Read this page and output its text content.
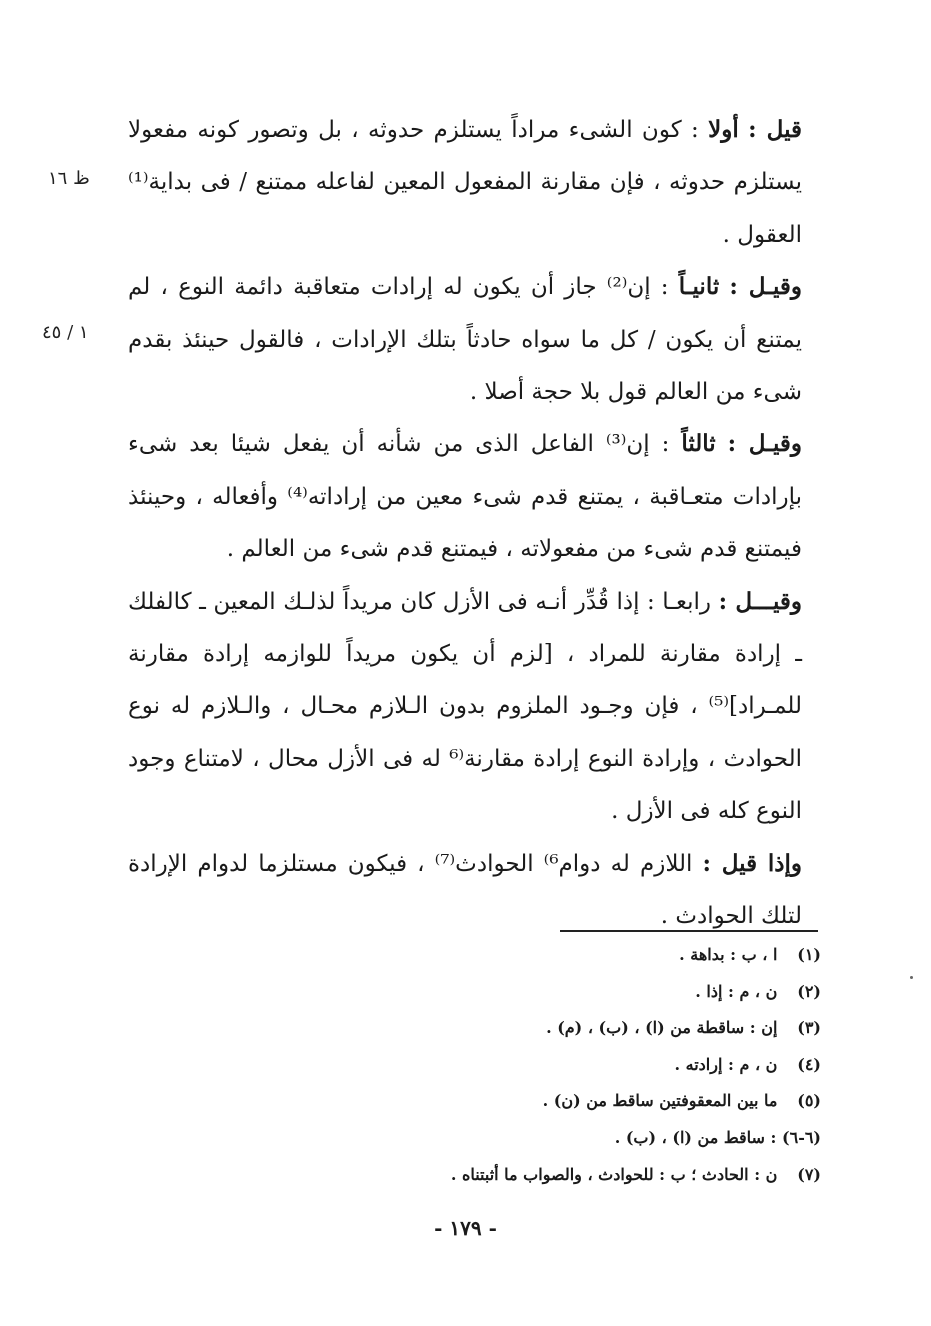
ظ ١٦
١ / ٤٥

قيل : أولا : كون الشىء مراداً يستلزم حدوثه ، بل وتصور كونه مفعولا يستلزم حدوثه ، فإن مقارنة المفعول المعين لفاعله ممتنع / فى بداية⁽¹⁾ العقول .

وقيـل : ثانيـاً : إن⁽²⁾ جاز أن يكون له إرادات متعاقبة دائمة النوع ، لم يمتنع أن يكون / كل ما سواه حادثاً بتلك الإرادات ، فالقول حينئذ بقدم شىء من العالم قول بلا حجة أصلا .

وقيـل : ثالثاً : إن⁽³⁾ الفاعل الذى من شأنه أن يفعل شيئا بعد شىء بإرادات متعـاقبة ، يمتنع قدم شىء معين من إراداته⁽⁴⁾ وأفعاله ، وحينئذ فيمتنع قدم شىء من مفعولاته ، فيمتنع قدم شىء من العالم .

وقيـــل : رابعـا : إذا قُدِّر أنـه فى الأزل كان مريداً لذلـك المعين ـ كالفلك ـ إرادة مقارنة للمراد ، [لزم أن يكون مريداً للوازمه إرادة مقارنة للمـراد]⁽⁵⁾ ، فإن وجـود الملزوم بدون الـلازم محـال ، والـلازم له نوع الحوادث ، وإرادة النوع إرادة مقارنة⁽⁶ له فى الأزل محال ، لامتناع وجود النوع كله فى الأزل .

وإذا قيل : اللازم له دوام⁶⁾ الحوادث⁽⁷⁾ ، فيكون مستلزما لدوام الإرادة لتلك الحوادث .

(١) ا ، ب : بداهة .
(٢) ن ، م : إذا .
(٣) إن : ساقطة من (ا) ، (ب) ، (م) .
(٤) ن ، م : إرادته .
(٥) ما بين المعقوفتين ساقط من (ن) .
(٦-٦) : ساقط من (ا) ، (ب) .
(٧) ن : الحادث ؛ ب : للحوادث ، والصواب ما أثبتناه .
- ١٧٩ -
